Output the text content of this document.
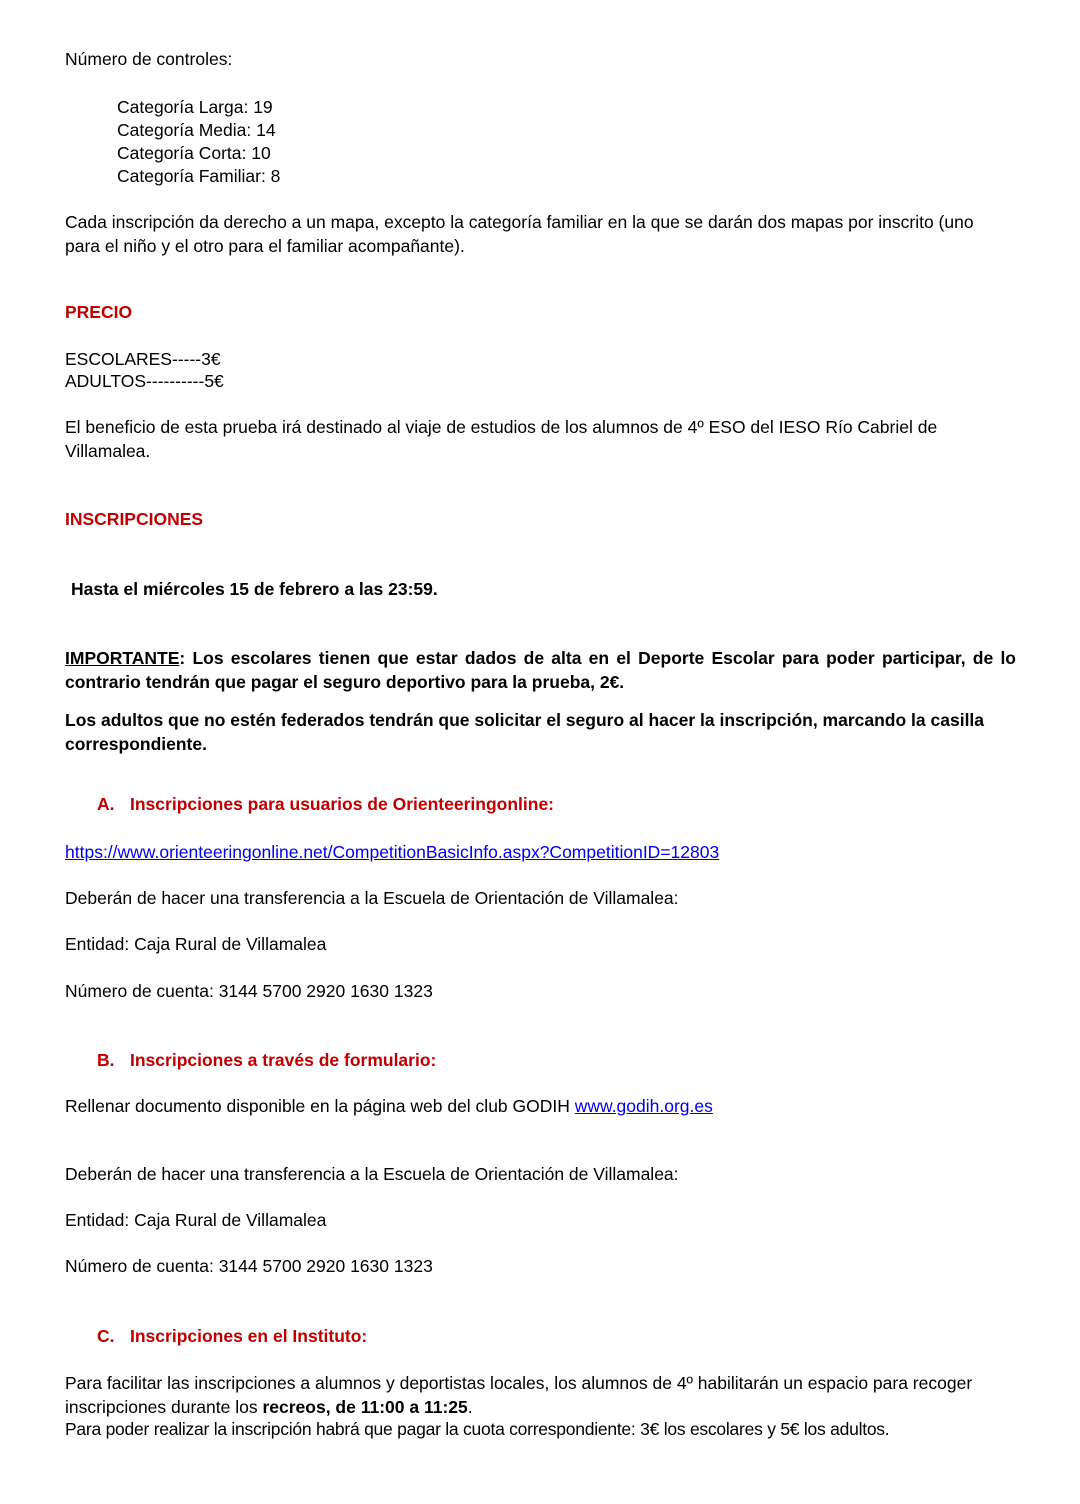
Número de controles:
Categoría Larga: 19
Categoría Media: 14
Categoría Corta: 10
Categoría Familiar: 8
Cada inscripción da derecho a un mapa, excepto la categoría familiar en la que se darán dos mapas por inscrito (uno para el niño y el otro para el familiar acompañante).
PRECIO
ESCOLARES-----3€
ADULTOS----------5€
El beneficio de esta prueba irá destinado al viaje de estudios de los alumnos de 4º ESO del IESO Río Cabriel de Villamalea.
INSCRIPCIONES
Hasta el miércoles 15 de febrero a las 23:59.
IMPORTANTE: Los escolares tienen que estar dados de alta en el Deporte Escolar para poder participar, de lo contrario tendrán que pagar el seguro deportivo para la prueba, 2€.
Los adultos que no estén federados tendrán que solicitar el seguro al hacer la inscripción, marcando la casilla correspondiente.
A. Inscripciones para usuarios de Orienteeringonline:
https://www.orienteeringonline.net/CompetitionBasicInfo.aspx?CompetitionID=12803
Deberán de hacer una transferencia a la Escuela de Orientación de Villamalea:
Entidad: Caja Rural de Villamalea
Número de cuenta: 3144 5700 2920 1630 1323
B. Inscripciones a través de formulario:
Rellenar documento disponible en la página web del club GODIH www.godih.org.es
Deberán de hacer una transferencia a la Escuela de Orientación de Villamalea:
Entidad: Caja Rural de Villamalea
Número de cuenta: 3144 5700 2920 1630 1323
C. Inscripciones en el Instituto:
Para facilitar las inscripciones a alumnos y deportistas locales, los alumnos de 4º habilitarán un espacio para recoger inscripciones durante los recreos, de 11:00 a 11:25.
Para poder realizar la inscripción habrá que pagar la cuota correspondiente: 3€ los escolares y 5€ los adultos.
